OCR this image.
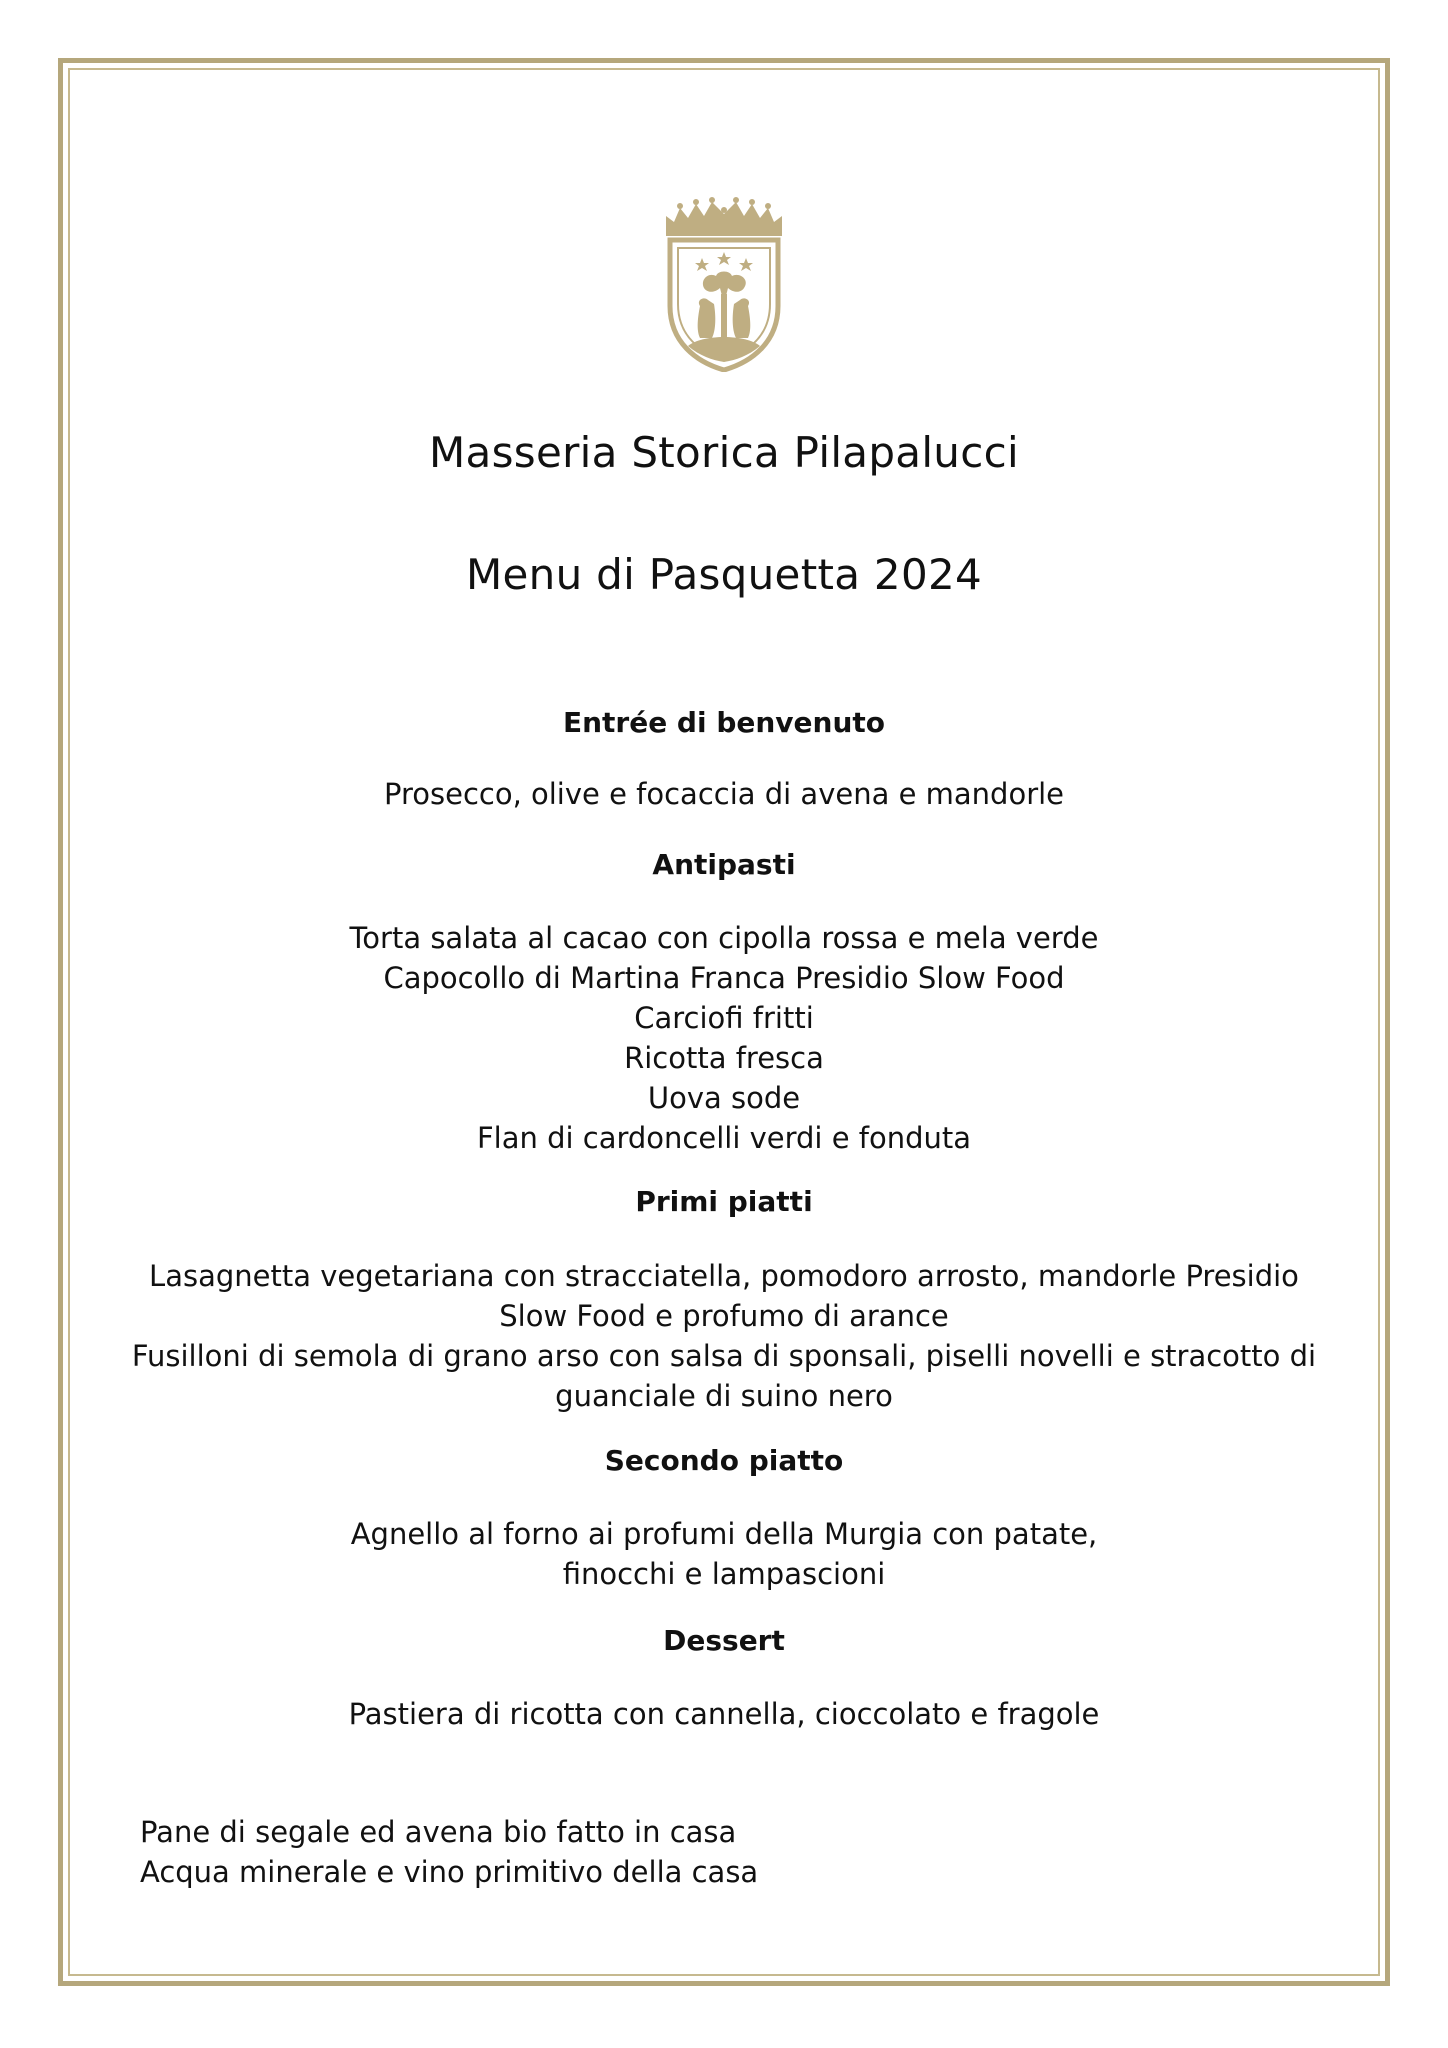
Masseria Storica Pilapalucci
Menu di Pasquetta 2024
Entrée di benvenuto
Prosecco, olive e focaccia di avena e mandorle
Antipasti
Torta salata al cacao con cipolla rossa e mela verde
Capocollo di Martina Franca Presidio Slow Food
Carciofi fritti
Ricotta fresca
Uova sode
Flan di cardoncelli verdi e fonduta
Primi piatti
Lasagnetta vegetariana con stracciatella, pomodoro arrosto, mandorle Presidio
Slow Food e profumo di arance
Fusilloni di semola di grano arso con salsa di sponsali, piselli novelli e stracotto di
guanciale di suino nero
Secondo piatto
Agnello al forno ai profumi della Murgia con patate,
finocchi e lampascioni
Dessert
Pastiera di ricotta con cannella, cioccolato e fragole
Pane di segale ed avena bio fatto in casa
Acqua minerale e vino primitivo della casa
